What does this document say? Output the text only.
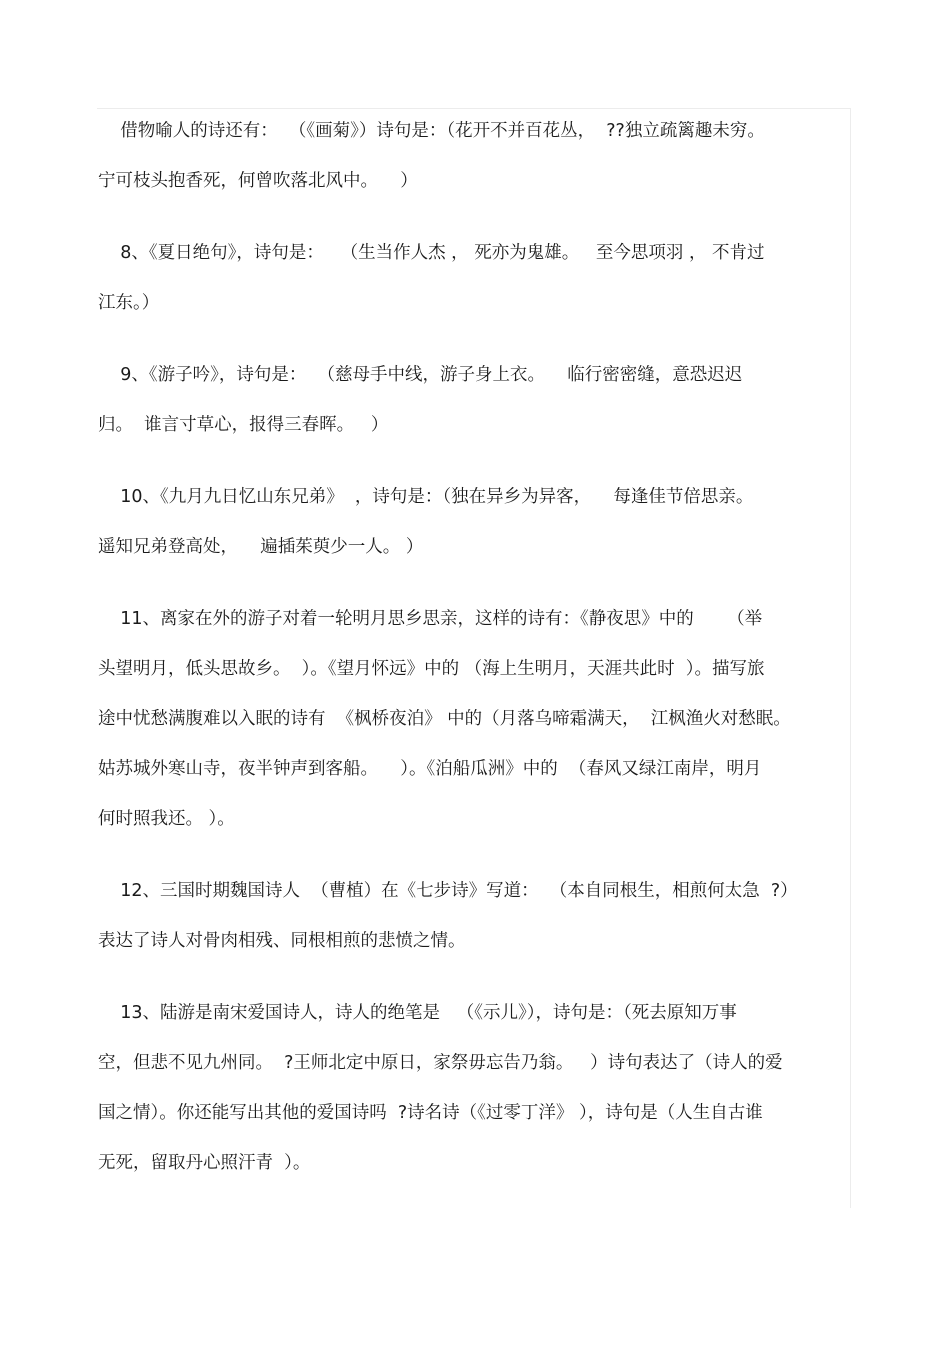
借物喻人的诗还有：  （《画菊》）诗句是：（花开不并百花丛，  ??独立疏篱趣未穷。
宁可枝头抱香死，何曾吹落北风中。    ）
8、《夏日绝句》，诗句是：   （生当作人杰 ， 死亦为鬼雄。   至今思项羽 ， 不肯过
江东。）
9、《游子吟》，诗句是：  （慈母手中线，游子身上衣。    临行密密缝，意恐迟迟
归。  谁言寸草心，报得三春晖。   ）
10、《九月九日忆山东兄弟》  ，诗句是：（独在异乡为异客，    每逢佳节倍思亲。
遥知兄弟登高处，    遍插茱萸少一人。 ）
11、离家在外的游子对着一轮明月思乡思亲，这样的诗有：《静夜思》中的      （举
头望明月，低头思故乡。  ）。《望月怀远》中的 （海上生明月，天涯共此时  ）。描写旅
途中忧愁满腹难以入眠的诗有  《枫桥夜泊》 中的（月落乌啼霜满天，  江枫渔火对愁眠。
姑苏城外寒山寺，夜半钟声到客船。    ）。《泊船瓜洲》中的  （春风又绿江南岸，明月
何时照我还。 ）。
12、三国时期魏国诗人  （曹植）在《七步诗》写道：  （本自同根生，相煎何太急  ?）
表达了诗人对骨肉相残、同根相煎的悲愤之情。
13、陆游是南宋爱国诗人，诗人的绝笔是   （《示儿》），诗句是：（死去原知万事
空，但悲不见九州同。  ?王师北定中原日，家祭毋忘告乃翁。   ）诗句表达了（诗人的爱
国之情）。你还能写出其他的爱国诗吗  ?诗名诗（《过零丁洋》 ），诗句是（人生自古谁
无死，留取丹心照汗青  ）。
